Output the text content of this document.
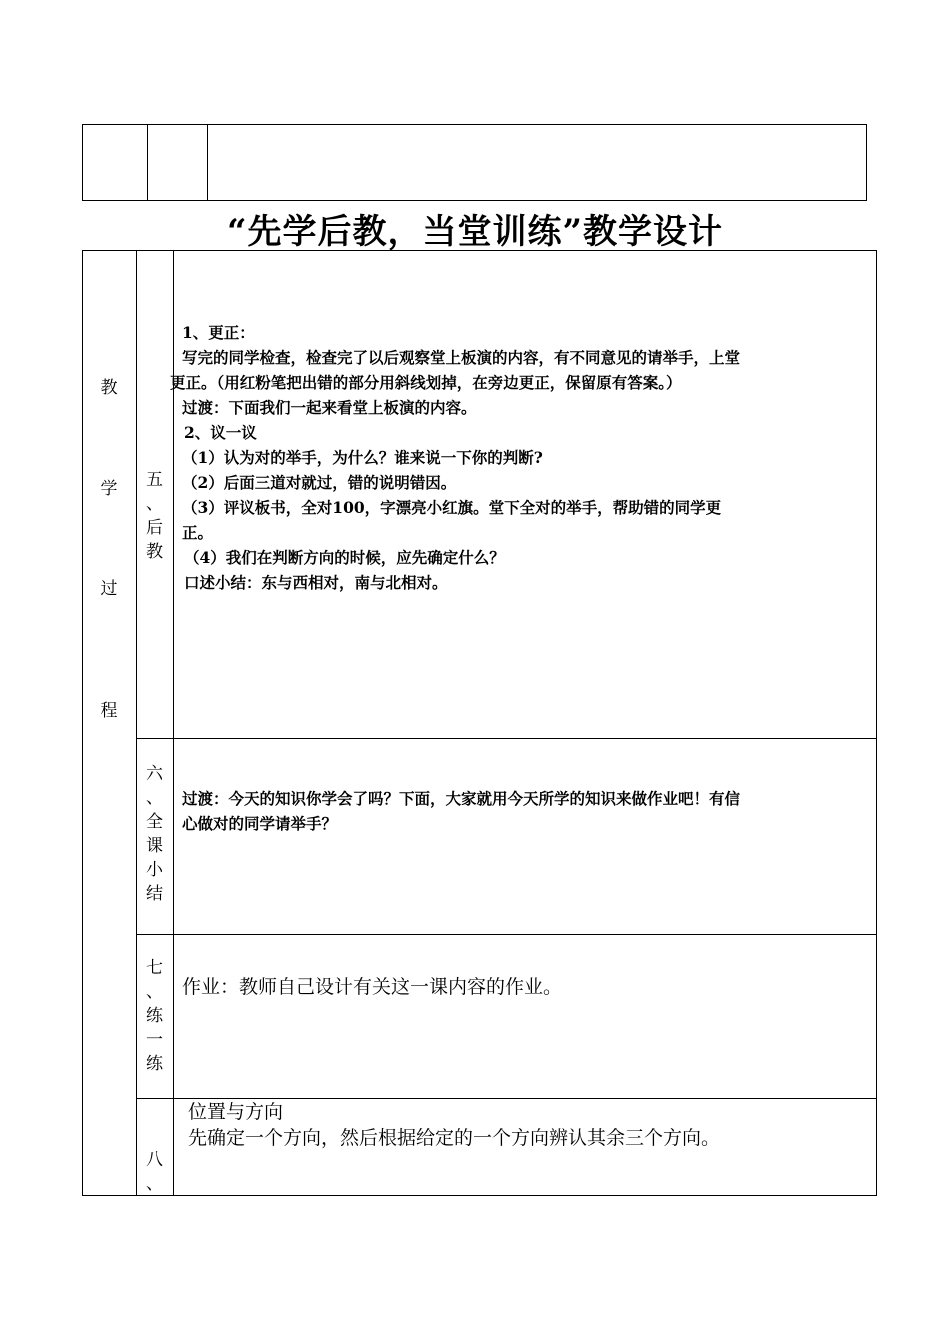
“先学后教，当堂训练”教学设计
教
学
过
程
五
、
后
教
1、更正：
写完的同学检查，检查完了以后观察堂上板演的内容，有不同意见的请举手，上堂
更正。（用红粉笔把出错的部分用斜线划掉，在旁边更正，保留原有答案。）
过渡：下面我们一起来看堂上板演的内容。
2、议一议
（1）认为对的举手，为什么？谁来说一下你的判断?
（2）后面三道对就过，错的说明错因。
（3）评议板书，全对100，字漂亮小红旗。堂下全对的举手，帮助错的同学更
正。
（4）我们在判断方向的时候，应先确定什么？
口述小结：东与西相对，南与北相对。
六
、
全
课
小
结
过渡：今天的知识你学会了吗？下面，大家就用今天所学的知识来做作业吧！有信
心做对的同学请举手？
七
、
练
一
练
作业：教师自己设计有关这一课内容的作业。
八
、
位置与方向
先确定一个方向，然后根据给定的一个方向辨认其余三个方向。
